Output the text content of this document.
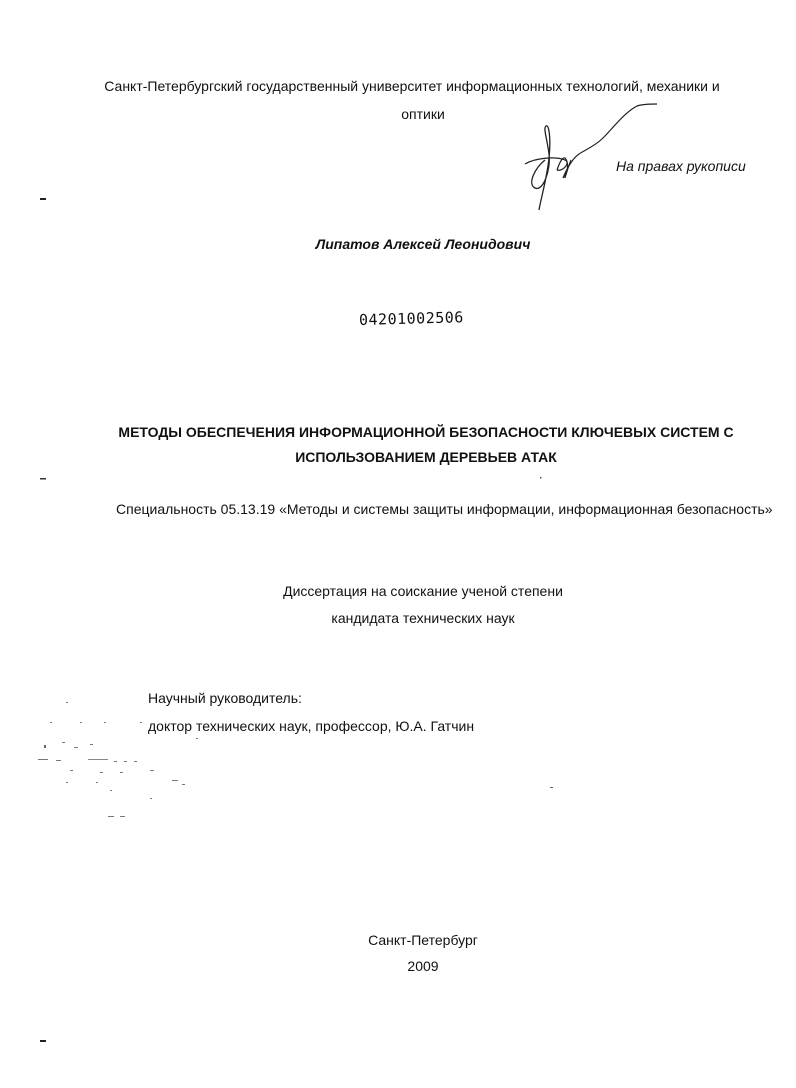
Санкт-Петербургский государственный университет информационных технологий, механики и
оптики
На правах рукописи
Липатов Алексей Леонидович
04201002506
МЕТОДЫ ОБЕСПЕЧЕНИЯ ИНФОРМАЦИОННОЙ БЕЗОПАСНОСТИ КЛЮЧЕВЫХ СИСТЕМ С
ИСПОЛЬЗОВАНИЕМ ДЕРЕВЬЕВ АТАК
Специальность 05.13.19 «Методы и системы защиты информации, информационная безопасность»
Диссертация на соискание ученой степени
кандидата технических наук
Научный руководитель:
доктор технических наук, профессор, Ю.А. Гатчин
Санкт-Петербург
2009
